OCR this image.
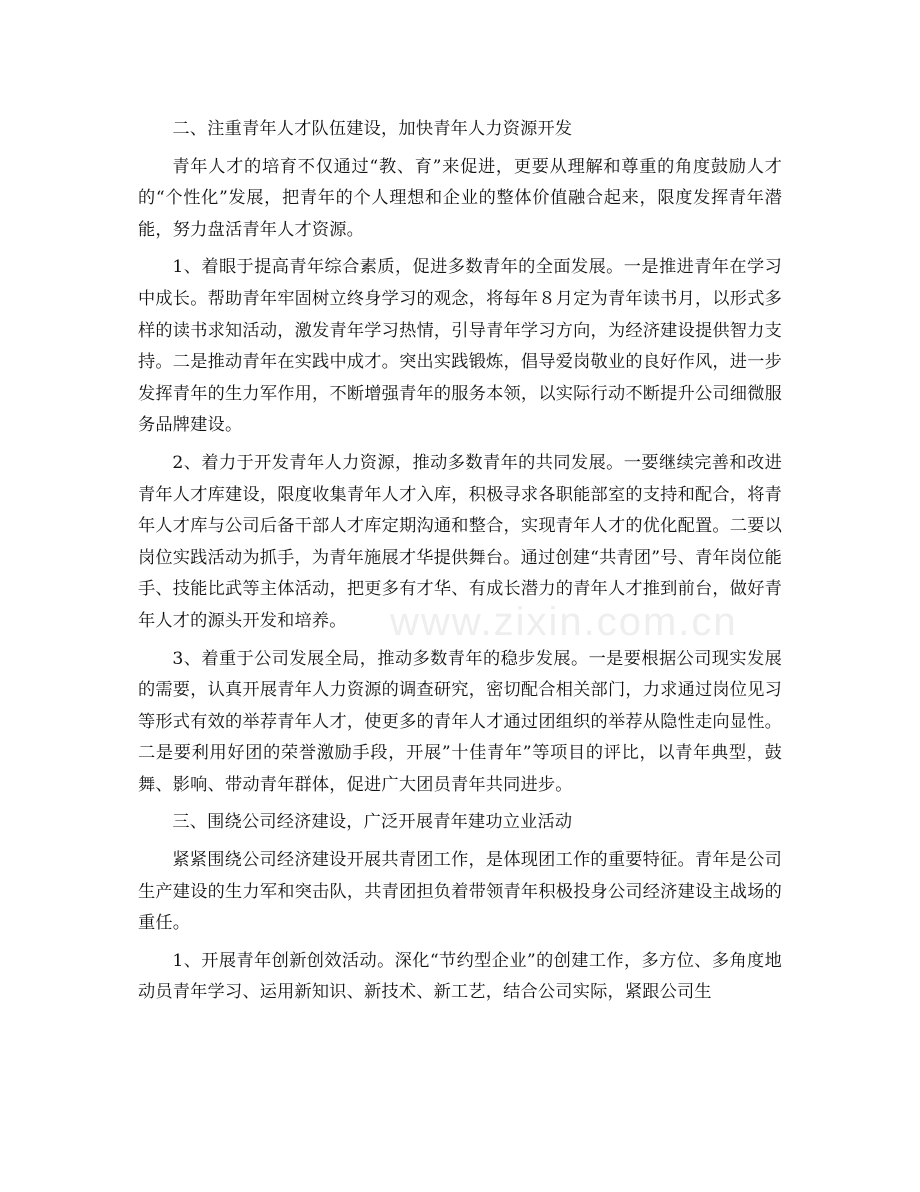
二、注重青年人才队伍建设，加快青年人力资源开发

青年人才的培育不仅通过“教、育”来促进，更要从理解和尊重的角度鼓励人才的“个性化”发展，把青年的个人理想和企业的整体价值融合起来，限度发挥青年潜能，努力盘活青年人才资源。

1、着眼于提高青年综合素质，促进多数青年的全面发展。一是推进青年在学习中成长。帮助青年牢固树立终身学习的观念，将每年８月定为青年读书月，以形式多样的读书求知活动，激发青年学习热情，引导青年学习方向，为经济建设提供智力支持。二是推动青年在实践中成才。突出实践锻炼，倡导爱岗敬业的良好作风，进一步发挥青年的生力军作用，不断增强青年的服务本领，以实际行动不断提升公司细微服务品牌建设。

2、着力于开发青年人力资源，推动多数青年的共同发展。一要继续完善和改进青年人才库建设，限度收集青年人才入库，积极寻求各职能部室的支持和配合，将青年人才库与公司后备干部人才库定期沟通和整合，实现青年人才的优化配置。二要以岗位实践活动为抓手，为青年施展才华提供舞台。通过创建“共青团”号、青年岗位能手、技能比武等主体活动，把更多有才华、有成长潜力的青年人才推到前台，做好青年人才的源头开发和培养。

3、着重于公司发展全局，推动多数青年的稳步发展。一是要根据公司现实发展的需要，认真开展青年人力资源的调查研究，密切配合相关部门，力求通过岗位见习等形式有效的举荐青年人才，使更多的青年人才通过团组织的举荐从隐性走向显性。二是要利用好团的荣誉激励手段，开展”十佳青年”等项目的评比，以青年典型，鼓舞、影响、带动青年群体，促进广大团员青年共同进步。

三、围绕公司经济建设，广泛开展青年建功立业活动

紧紧围绕公司经济建设开展共青团工作，是体现团工作的重要特征。青年是公司生产建设的生力军和突击队，共青团担负着带领青年积极投身公司经济建设主战场的重任。

1、开展青年创新创效活动。深化“节约型企业”的创建工作，多方位、多角度地动员青年学习、运用新知识、新技术、新工艺，结合公司实际，紧跟公司生

www.zixin.com.cn
